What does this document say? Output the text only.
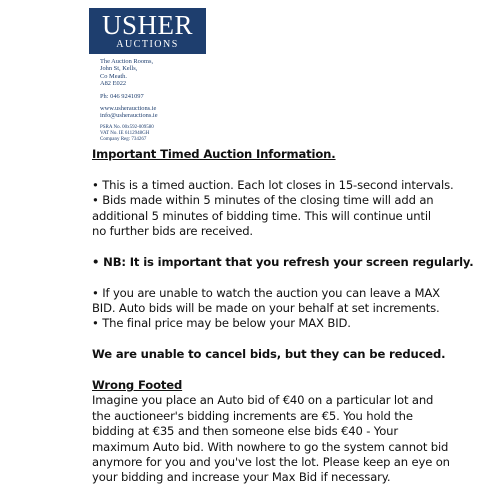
USHER
AUCTIONS
The Auction Rooms,
John St, Kells,
Co Meath.
A82 E022
Ph: 046 9241097
www.usherauctions.ie
info@usherauctions.ie
PSRA No. 00x592-009580
VAT No. IE 6112948GH
Company Reg: 734267

Important Timed Auction Information.

• This is a timed auction. Each lot closes in 15-second intervals.

• Bids made within 5 minutes of the closing time will add an

additional 5 minutes of bidding time. This will continue until

no further bids are received.

• NB: It is important that you refresh your screen regularly.

• If you are unable to watch the auction you can leave a MAX

BID. Auto bids will be made on your behalf at set increments.

• The final price may be below your MAX BID.

We are unable to cancel bids, but they can be reduced.

Wrong Footed

Imagine you place an Auto bid of €40 on a particular lot and

the auctioneer's bidding increments are €5. You hold the

bidding at €35 and then someone else bids €40 - Your

maximum Auto bid. With nowhere to go the system cannot bid

anymore for you and you've lost the lot. Please keep an eye on

your bidding and increase your Max Bid if necessary.
